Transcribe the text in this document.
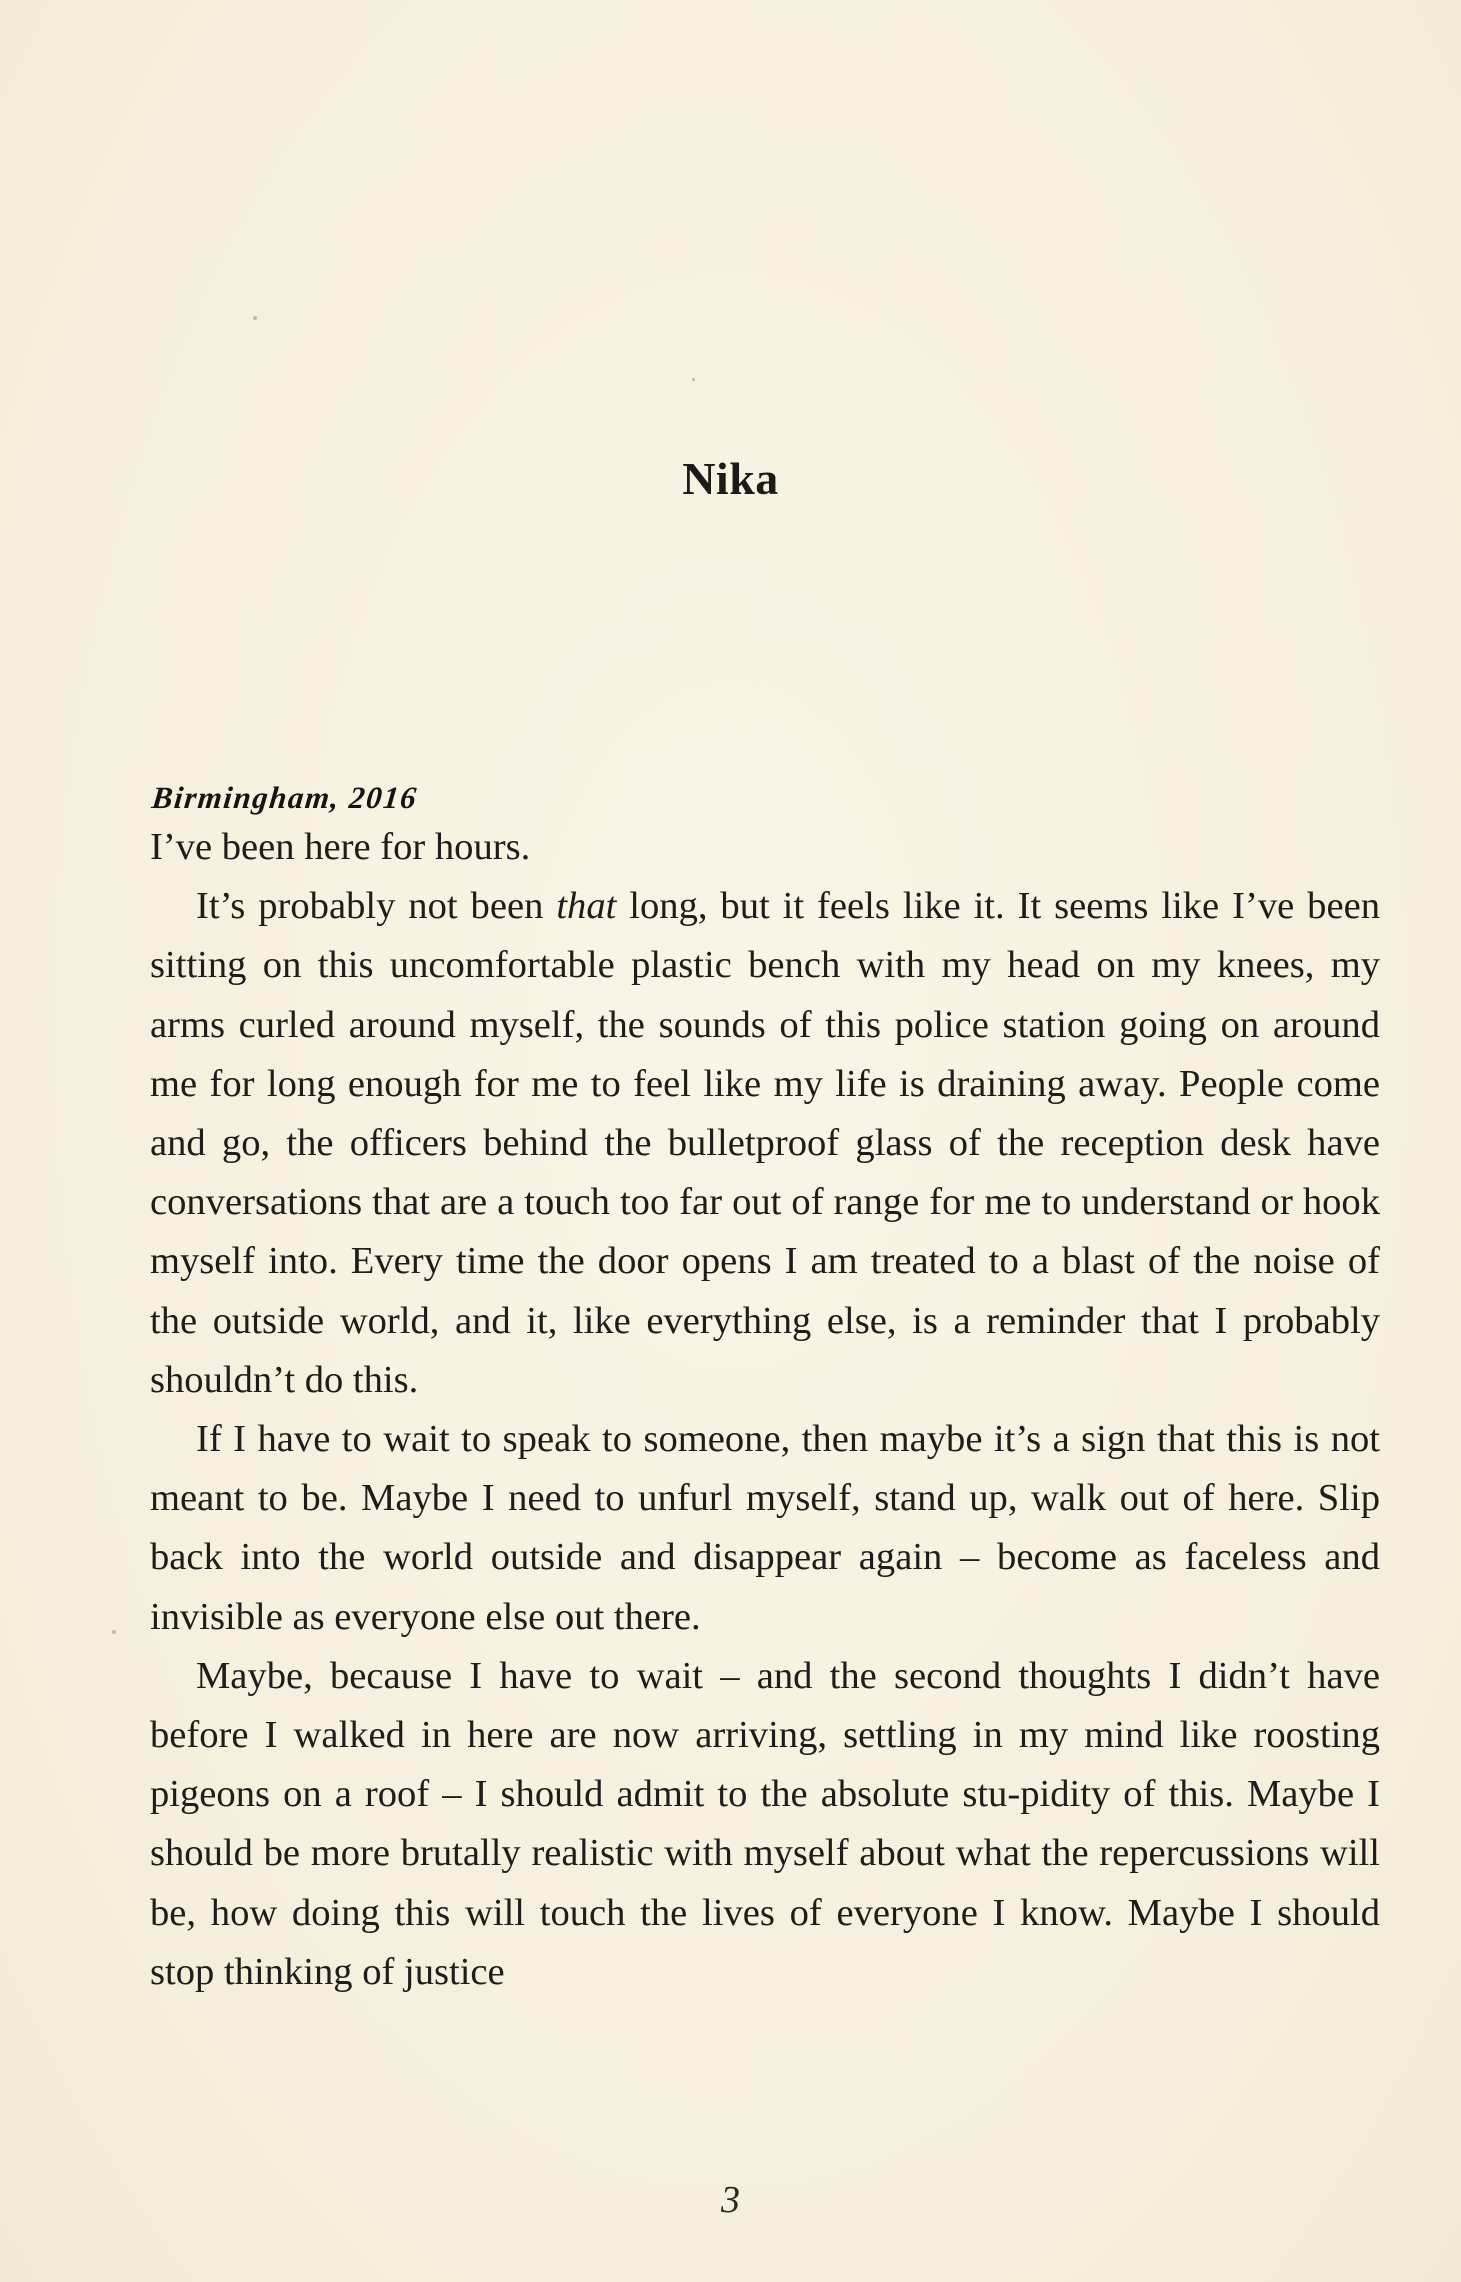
Nika
Birmingham, 2016

I’ve been here for hours.

It’s probably not been that long, but it feels like it. It seems like I’ve been sitting on this uncomfortable plastic bench with my head on my knees, my arms curled around myself, the sounds of this police station going on around me for long enough for me to feel like my life is draining away. People come and go, the officers behind the bulletproof glass of the reception desk have conversations that are a touch too far out of range for me to understand or hook myself into. Every time the door opens I am treated to a blast of the noise of the outside world, and it, like everything else, is a reminder that I probably shouldn’t do this.

If I have to wait to speak to someone, then maybe it’s a sign that this is not meant to be. Maybe I need to unfurl myself, stand up, walk out of here. Slip back into the world outside and disappear again – become as faceless and invisible as everyone else out there.

Maybe, because I have to wait – and the second thoughts I didn’t have before I walked in here are now arriving, settling in my mind like roosting pigeons on a roof – I should admit to the absolute stu-pidity of this. Maybe I should be more brutally realistic with myself about what the repercussions will be, how doing this will touch the lives of everyone I know. Maybe I should stop thinking of justice

3
